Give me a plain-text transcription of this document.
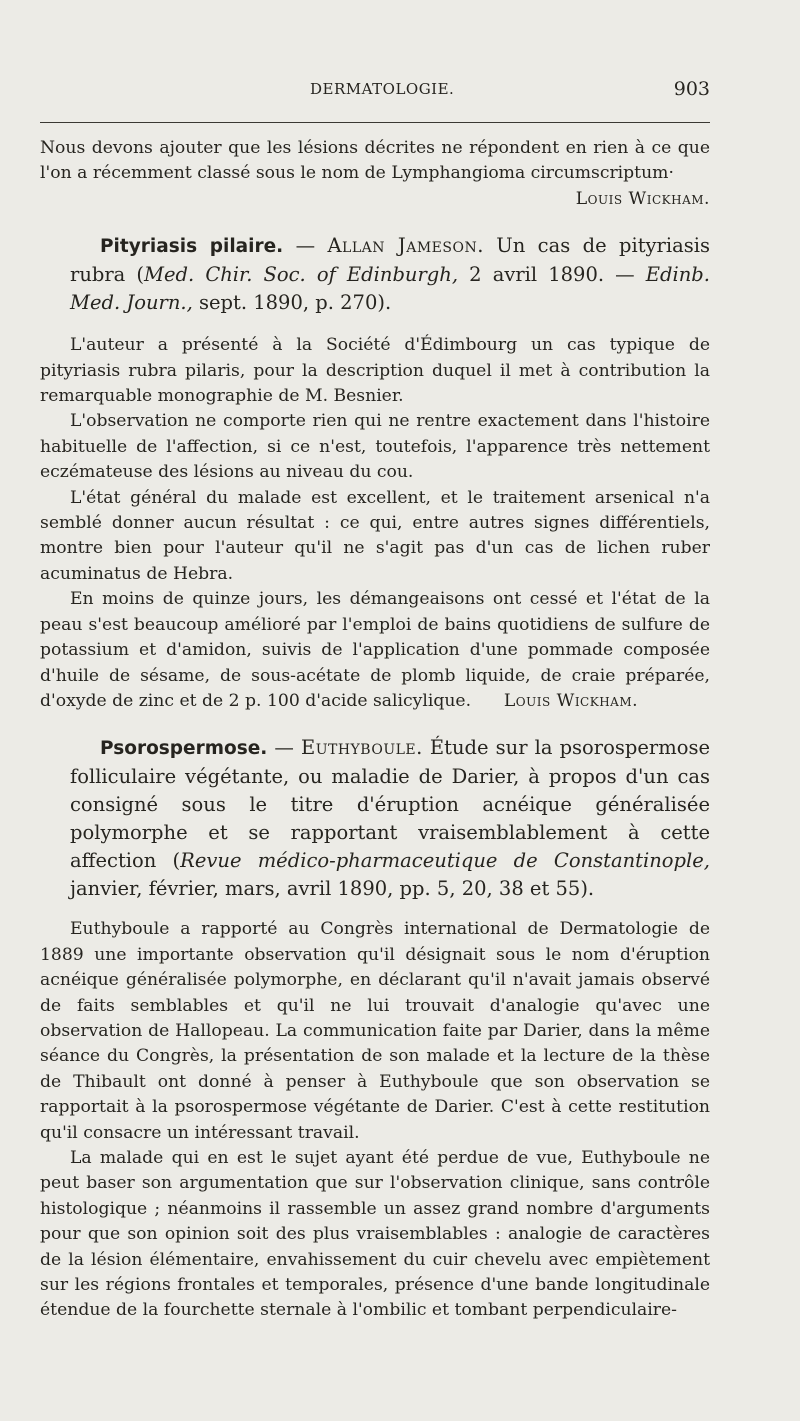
DERMATOLOGIE.	903

Nous devons ajouter que les lésions décrites ne répondent en rien à ce que l'on a récemment classé sous le nom de Lymphangioma circumscriptum·

Louis Wickham.

Pityriasis pilaire. — Allan Jameson. Un cas de pityriasis rubra (Med. Chir. Soc. of Edinburgh, 2 avril 1890. — Edinb. Med. Journ., sept. 1890, p. 270).

L'auteur a présenté à la Société d'Édimbourg un cas typique de pityriasis rubra pilaris, pour la description duquel il met à contribution la remarquable monographie de M. Besnier.

L'observation ne comporte rien qui ne rentre exactement dans l'histoire habituelle de l'affection, si ce n'est, toutefois, l'apparence très nettement eczémateuse des lésions au niveau du cou.

L'état général du malade est excellent, et le traitement arsenical n'a semblé donner aucun résultat : ce qui, entre autres signes différentiels, montre bien pour l'auteur qu'il ne s'agit pas d'un cas de lichen ruber acuminatus de Hebra.

En moins de quinze jours, les démangeaisons ont cessé et l'état de la peau s'est beaucoup amélioré par l'emploi de bains quotidiens de sulfure de potassium et d'amidon, suivis de l'application d'une pommade composée d'huile de sésame, de sous-acétate de plomb liquide, de craie préparée, d'oxyde de zinc et de 2 p. 100 d'acide salicylique. Louis Wickham.

Psorospermose. — Euthyboule. Étude sur la psorospermose folliculaire végétante, ou maladie de Darier, à propos d'un cas consigné sous le titre d'éruption acnéique généralisée polymorphe et se rapportant vraisemblablement à cette affection (Revue médico-pharmaceutique de Constantinople, janvier, février, mars, avril 1890, pp. 5, 20, 38 et 55).

Euthyboule a rapporté au Congrès international de Dermatologie de 1889 une importante observation qu'il désignait sous le nom d'éruption acnéique généralisée polymorphe, en déclarant qu'il n'avait jamais observé de faits semblables et qu'il ne lui trouvait d'analogie qu'avec une observation de Hallopeau. La communication faite par Darier, dans la même séance du Congrès, la présentation de son malade et la lecture de la thèse de Thibault ont donné à penser à Euthyboule que son observation se rapportait à la psorospermose végétante de Darier. C'est à cette restitution qu'il consacre un intéressant travail.

La malade qui en est le sujet ayant été perdue de vue, Euthyboule ne peut baser son argumentation que sur l'observation clinique, sans contrôle histologique ; néanmoins il rassemble un assez grand nombre d'arguments pour que son opinion soit des plus vraisemblables : analogie de caractères de la lésion élémentaire, envahissement du cuir chevelu avec empiètement sur les régions frontales et temporales, présence d'une bande longitudinale étendue de la fourchette sternale à l'ombilic et tombant perpendiculaire-
